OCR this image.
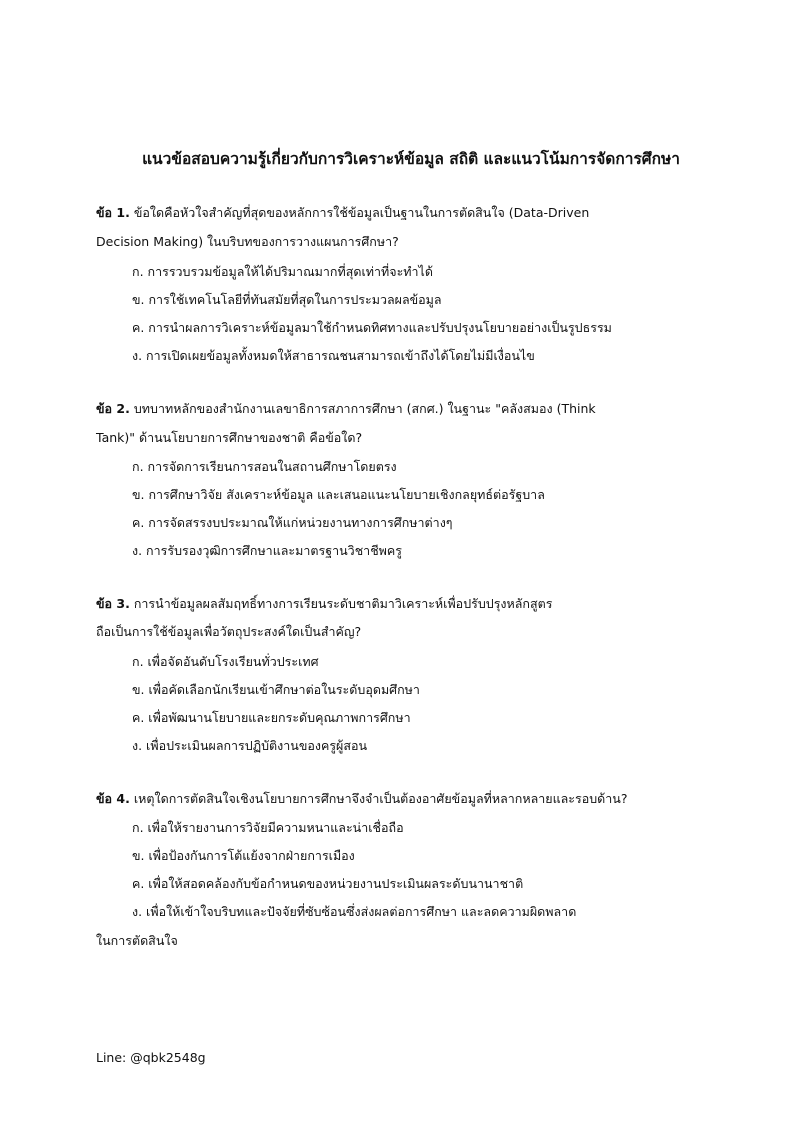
แนวข้อสอบความรู้เกี่ยวกับการวิเคราะห์ข้อมูล สถิติ และแนวโน้มการจัดการศึกษา
ข้อ 1. ข้อใดคือหัวใจสำคัญที่สุดของหลักการใช้ข้อมูลเป็นฐานในการตัดสินใจ (Data-Driven
Decision Making) ในบริบทของการวางแผนการศึกษา?
ก. การรวบรวมข้อมูลให้ได้ปริมาณมากที่สุดเท่าที่จะทำได้
ข. การใช้เทคโนโลยีที่ทันสมัยที่สุดในการประมวลผลข้อมูล
ค. การนำผลการวิเคราะห์ข้อมูลมาใช้กำหนดทิศทางและปรับปรุงนโยบายอย่างเป็นรูปธรรม
ง. การเปิดเผยข้อมูลทั้งหมดให้สาธารณชนสามารถเข้าถึงได้โดยไม่มีเงื่อนไข
ข้อ 2. บทบาทหลักของสำนักงานเลขาธิการสภาการศึกษา (สกศ.) ในฐานะ "คลังสมอง (Think
Tank)" ด้านนโยบายการศึกษาของชาติ คือข้อใด?
ก. การจัดการเรียนการสอนในสถานศึกษาโดยตรง
ข. การศึกษาวิจัย สังเคราะห์ข้อมูล และเสนอแนะนโยบายเชิงกลยุทธ์ต่อรัฐบาล
ค. การจัดสรรงบประมาณให้แก่หน่วยงานทางการศึกษาต่างๆ
ง. การรับรองวุฒิการศึกษาและมาตรฐานวิชาชีพครู
ข้อ 3. การนำข้อมูลผลสัมฤทธิ์ทางการเรียนระดับชาติมาวิเคราะห์เพื่อปรับปรุงหลักสูตร
ถือเป็นการใช้ข้อมูลเพื่อวัตถุประสงค์ใดเป็นสำคัญ?
ก. เพื่อจัดอันดับโรงเรียนทั่วประเทศ
ข. เพื่อคัดเลือกนักเรียนเข้าศึกษาต่อในระดับอุดมศึกษา
ค. เพื่อพัฒนานโยบายและยกระดับคุณภาพการศึกษา
ง. เพื่อประเมินผลการปฏิบัติงานของครูผู้สอน
ข้อ 4. เหตุใดการตัดสินใจเชิงนโยบายการศึกษาจึงจำเป็นต้องอาศัยข้อมูลที่หลากหลายและรอบด้าน?
ก. เพื่อให้รายงานการวิจัยมีความหนาและน่าเชื่อถือ
ข. เพื่อป้องกันการโต้แย้งจากฝ่ายการเมือง
ค. เพื่อให้สอดคล้องกับข้อกำหนดของหน่วยงานประเมินผลระดับนานาชาติ
ง. เพื่อให้เข้าใจบริบทและปัจจัยที่ซับซ้อนซึ่งส่งผลต่อการศึกษา และลดความผิดพลาด
ในการตัดสินใจ
Line: @qbk2548g
